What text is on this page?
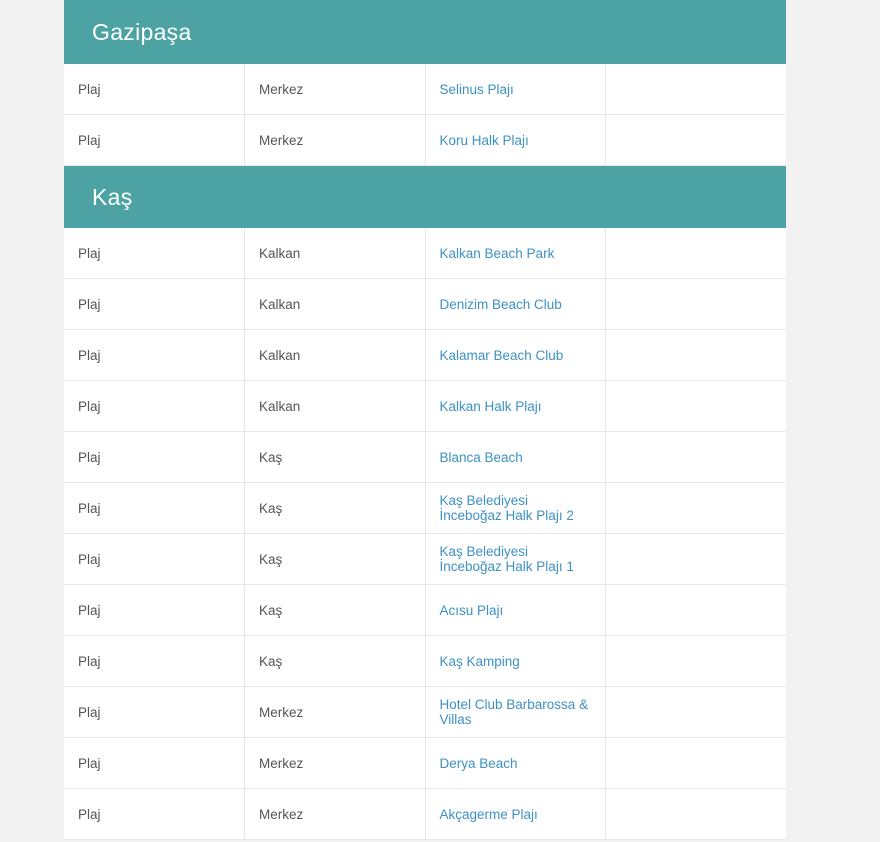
Gazipaşa			
Plaj	Merkez	Selinus Plajı	
Plaj	Merkez	Koru Halk Plajı	
Kaş			
Plaj	Kalkan	Kalkan Beach Park	
Plaj	Kalkan	Denizim Beach Club	
Plaj	Kalkan	Kalamar Beach Club	
Plaj	Kalkan	Kalkan Halk Plajı	
Plaj	Kaş	Blanca Beach	
Plaj	Kaş	Kaş Belediyesi İnceboğaz Halk Plajı 2	
Plaj	Kaş	Kaş Belediyesi İnceboğaz Halk Plajı 1	
Plaj	Kaş	Acısu Plajı	
Plaj	Kaş	Kaş Kamping	
Plaj	Merkez	Hotel Club Barbarossa & Villas	
Plaj	Merkez	Derya Beach	
Plaj	Merkez	Akçagerme Plajı	
